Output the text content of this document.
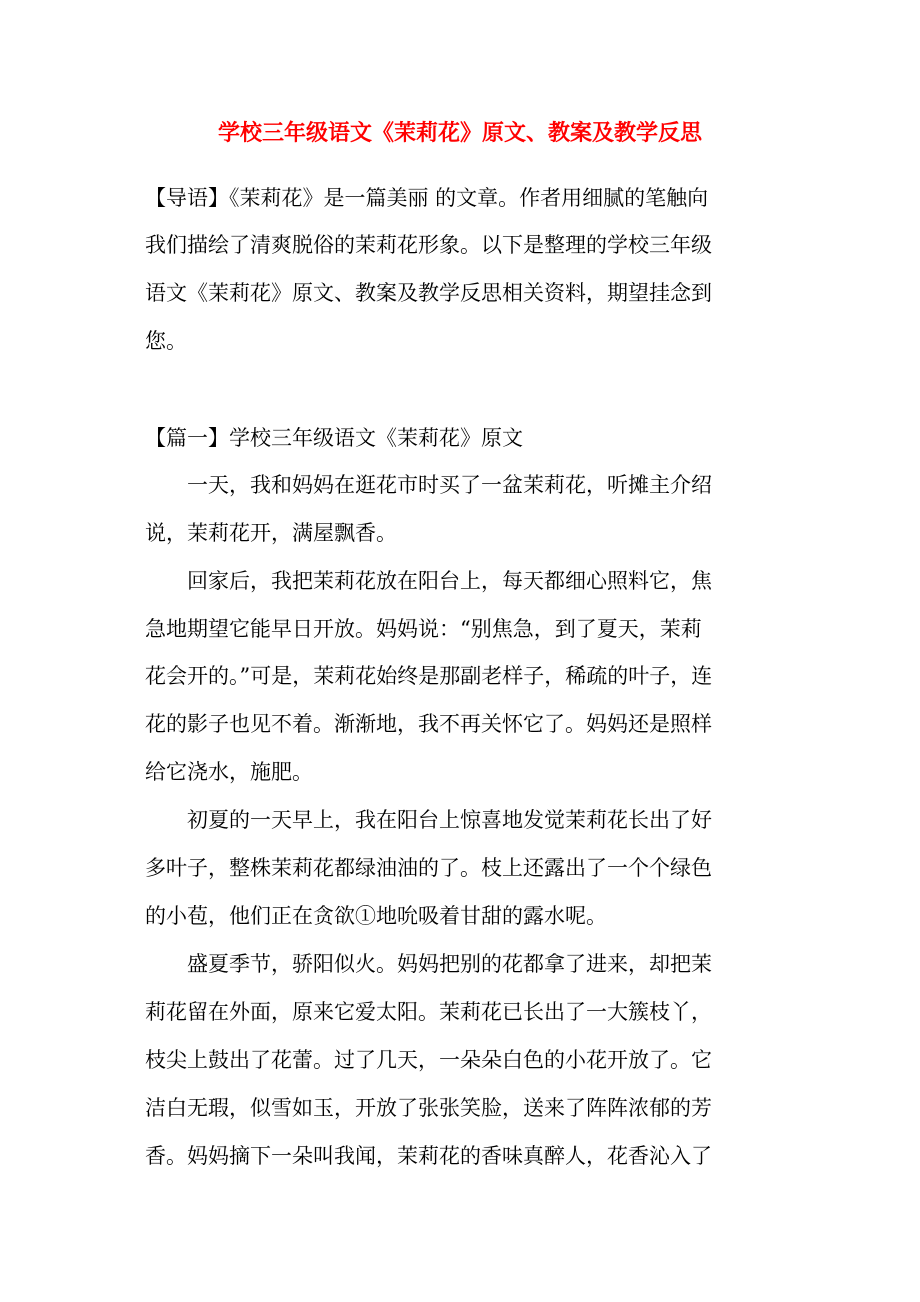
学校三年级语文《茉莉花》原文、教案及教学反思
【导语】《茉莉花》是一篇美丽 的文章。作者用细腻的笔触向
我们描绘了清爽脱俗的茉莉花形象。以下是整理的学校三年级
语文《茉莉花》原文、教案及教学反思相关资料，期望挂念到
您。
【篇一】学校三年级语文《茉莉花》原文
一天，我和妈妈在逛花市时买了一盆茉莉花，听摊主介绍
说，茉莉花开，满屋飘香。
回家后，我把茉莉花放在阳台上，每天都细心照料它，焦
急地期望它能早日开放。妈妈说：“别焦急，到了夏天，茉莉
花会开的。”可是，茉莉花始终是那副老样子，稀疏的叶子，连
花的影子也见不着。渐渐地，我不再关怀它了。妈妈还是照样
给它浇水，施肥。
初夏的一天早上，我在阳台上惊喜地发觉茉莉花长出了好
多叶子，整株茉莉花都绿油油的了。枝上还露出了一个个绿色
的小苞，他们正在贪欲①地吮吸着甘甜的露水呢。
盛夏季节，骄阳似火。妈妈把别的花都拿了进来，却把茉
莉花留在外面，原来它爱太阳。茉莉花已长出了一大簇枝丫，
枝尖上鼓出了花蕾。过了几天，一朵朵白色的小花开放了。它
洁白无瑕，似雪如玉，开放了张张笑脸，送来了阵阵浓郁的芳
香。妈妈摘下一朵叫我闻，茉莉花的香味真醉人，花香沁入了
